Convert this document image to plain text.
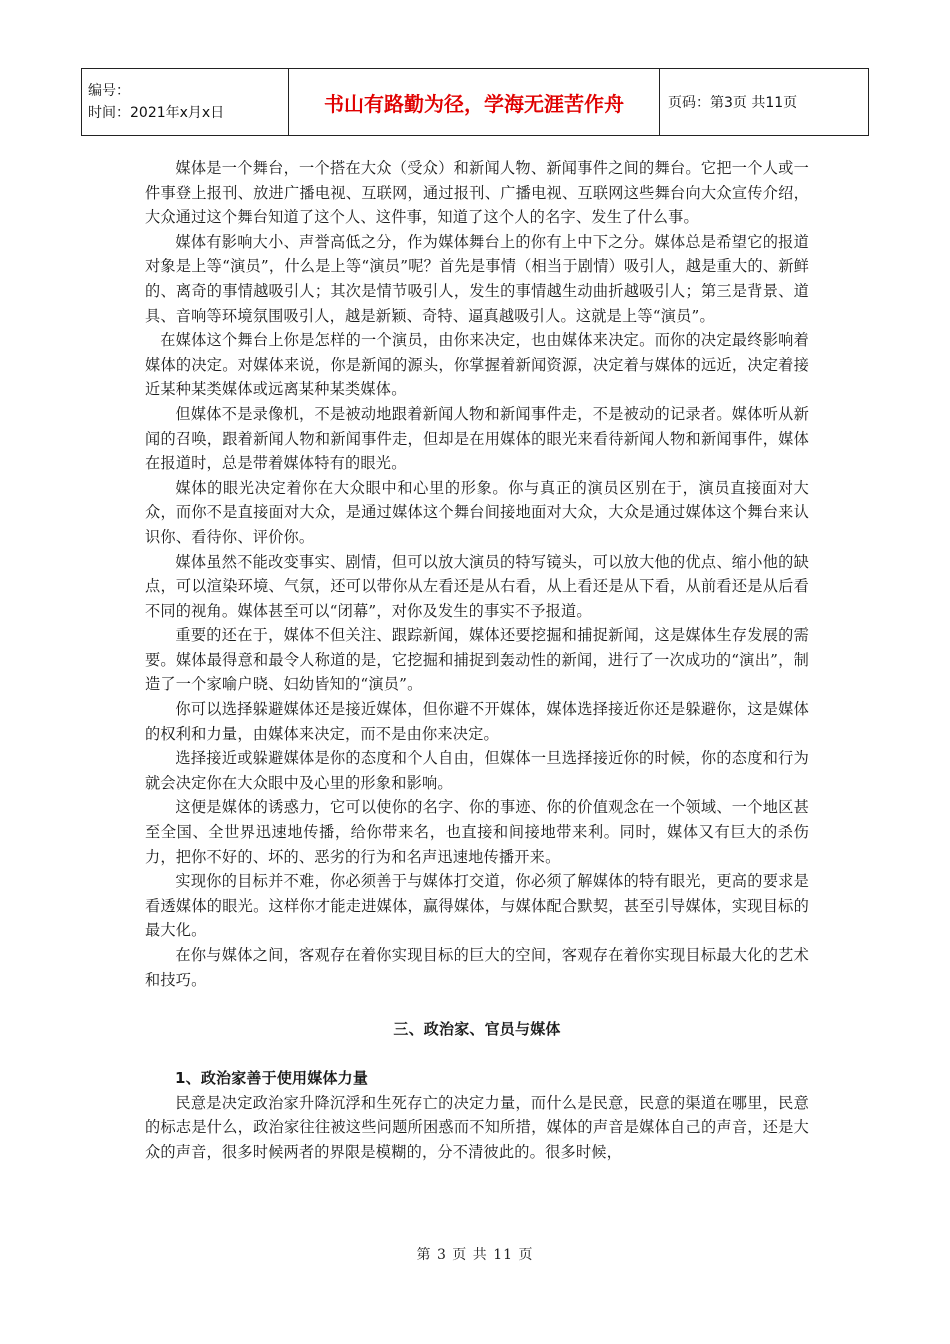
编号：
时间：2021年x月x日	书山有路勤为径，学海无涯苦作舟	页码：第3页 共11页

媒体是一个舞台，一个搭在大众（受众）和新闻人物、新闻事件之间的舞台。它把一个人或一件事登上报刊、放进广播电视、互联网，通过报刊、广播电视、互联网这些舞台向大众宣传介绍，大众通过这个舞台知道了这个人、这件事，知道了这个人的名字、发生了什么事。

媒体有影响大小、声誉高低之分，作为媒体舞台上的你有上中下之分。媒体总是希望它的报道对象是上等“演员”，什么是上等“演员”呢？首先是事情（相当于剧情）吸引人，越是重大的、新鲜的、离奇的事情越吸引人；其次是情节吸引人，发生的事情越生动曲折越吸引人；第三是背景、道具、音响等环境氛围吸引人，越是新颖、奇特、逼真越吸引人。这就是上等“演员”。

在媒体这个舞台上你是怎样的一个演员，由你来决定，也由媒体来决定。而你的决定最终影响着媒体的决定。对媒体来说，你是新闻的源头，你掌握着新闻资源，决定着与媒体的远近，决定着接近某种某类媒体或远离某种某类媒体。

但媒体不是录像机，不是被动地跟着新闻人物和新闻事件走，不是被动的记录者。媒体听从新闻的召唤，跟着新闻人物和新闻事件走，但却是在用媒体的眼光来看待新闻人物和新闻事件，媒体在报道时，总是带着媒体特有的眼光。

媒体的眼光决定着你在大众眼中和心里的形象。你与真正的演员区别在于，演员直接面对大众，而你不是直接面对大众，是通过媒体这个舞台间接地面对大众，大众是通过媒体这个舞台来认识你、看待你、评价你。

媒体虽然不能改变事实、剧情，但可以放大演员的特写镜头，可以放大他的优点、缩小他的缺点，可以渲染环境、气氛，还可以带你从左看还是从右看，从上看还是从下看，从前看还是从后看不同的视角。媒体甚至可以“闭幕”，对你及发生的事实不予报道。

重要的还在于，媒体不但关注、跟踪新闻，媒体还要挖掘和捕捉新闻，这是媒体生存发展的需要。媒体最得意和最令人称道的是，它挖掘和捕捉到轰动性的新闻，进行了一次成功的“演出”，制造了一个家喻户晓、妇幼皆知的“演员”。

你可以选择躲避媒体还是接近媒体，但你避不开媒体，媒体选择接近你还是躲避你，这是媒体的权利和力量，由媒体来决定，而不是由你来决定。

选择接近或躲避媒体是你的态度和个人自由，但媒体一旦选择接近你的时候，你的态度和行为就会决定你在大众眼中及心里的形象和影响。

这便是媒体的诱惑力，它可以使你的名字、你的事迹、你的价值观念在一个领域、一个地区甚至全国、全世界迅速地传播，给你带来名，也直接和间接地带来利。同时，媒体又有巨大的杀伤力，把你不好的、坏的、恶劣的行为和名声迅速地传播开来。

实现你的目标并不难，你必须善于与媒体打交道，你必须了解媒体的特有眼光，更高的要求是看透媒体的眼光。这样你才能走进媒体，赢得媒体，与媒体配合默契，甚至引导媒体，实现目标的最大化。

在你与媒体之间，客观存在着你实现目标的巨大的空间，客观存在着你实现目标最大化的艺术和技巧。

三、政治家、官员与媒体
1、政治家善于使用媒体力量

民意是决定政治家升降沉浮和生死存亡的决定力量，而什么是民意，民意的渠道在哪里，民意的标志是什么，政治家往往被这些问题所困惑而不知所措，媒体的声音是媒体自己的声音，还是大众的声音，很多时候两者的界限是模糊的，分不清彼此的。很多时候，

第 3 页 共 11 页
